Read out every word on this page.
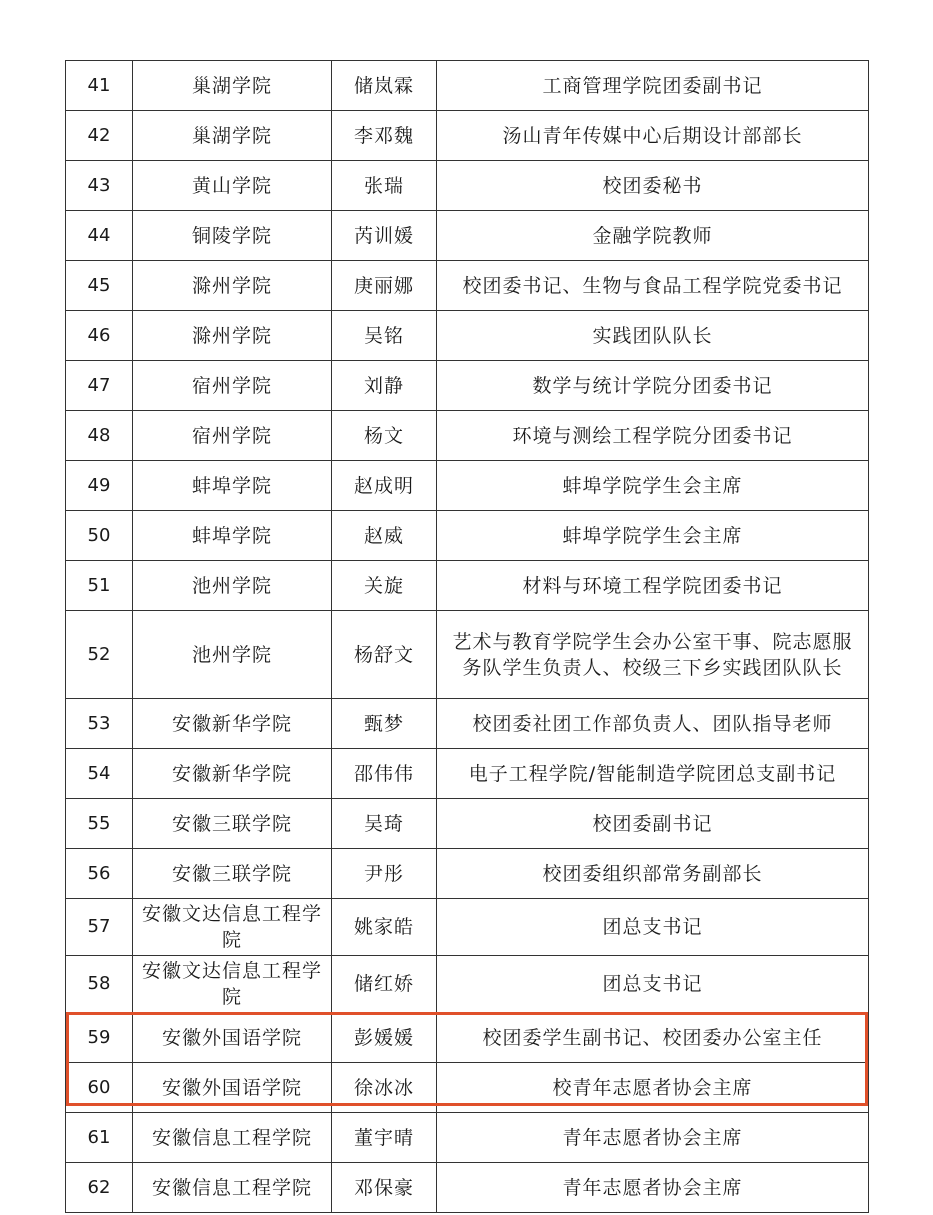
41	巢湖学院	储岚霖	工商管理学院团委副书记
42	巢湖学院	李邓魏	汤山青年传媒中心后期设计部部长
43	黄山学院	张瑞	校团委秘书
44	铜陵学院	芮训媛	金融学院教师
45	滁州学院	庚丽娜	校团委书记、生物与食品工程学院党委书记
46	滁州学院	吴铭	实践团队队长
47	宿州学院	刘静	数学与统计学院分团委书记
48	宿州学院	杨文	环境与测绘工程学院分团委书记
49	蚌埠学院	赵成明	蚌埠学院学生会主席
50	蚌埠学院	赵威	蚌埠学院学生会主席
51	池州学院	关旋	材料与环境工程学院团委书记
52	池州学院	杨舒文	艺术与教育学院学生会办公室干事、院志愿服务队学生负责人、校级三下乡实践团队队长
53	安徽新华学院	甄梦	校团委社团工作部负责人、团队指导老师
54	安徽新华学院	邵伟伟	电子工程学院/智能制造学院团总支副书记
55	安徽三联学院	吴琦	校团委副书记
56	安徽三联学院	尹彤	校团委组织部常务副部长
57	安徽文达信息工程学院	姚家皓	团总支书记
58	安徽文达信息工程学院	储红娇	团总支书记
59	安徽外国语学院	彭媛媛	校团委学生副书记、校团委办公室主任
60	安徽外国语学院	徐冰冰	校青年志愿者协会主席
61	安徽信息工程学院	董宇晴	青年志愿者协会主席
62	安徽信息工程学院	邓保豪	青年志愿者协会主席
